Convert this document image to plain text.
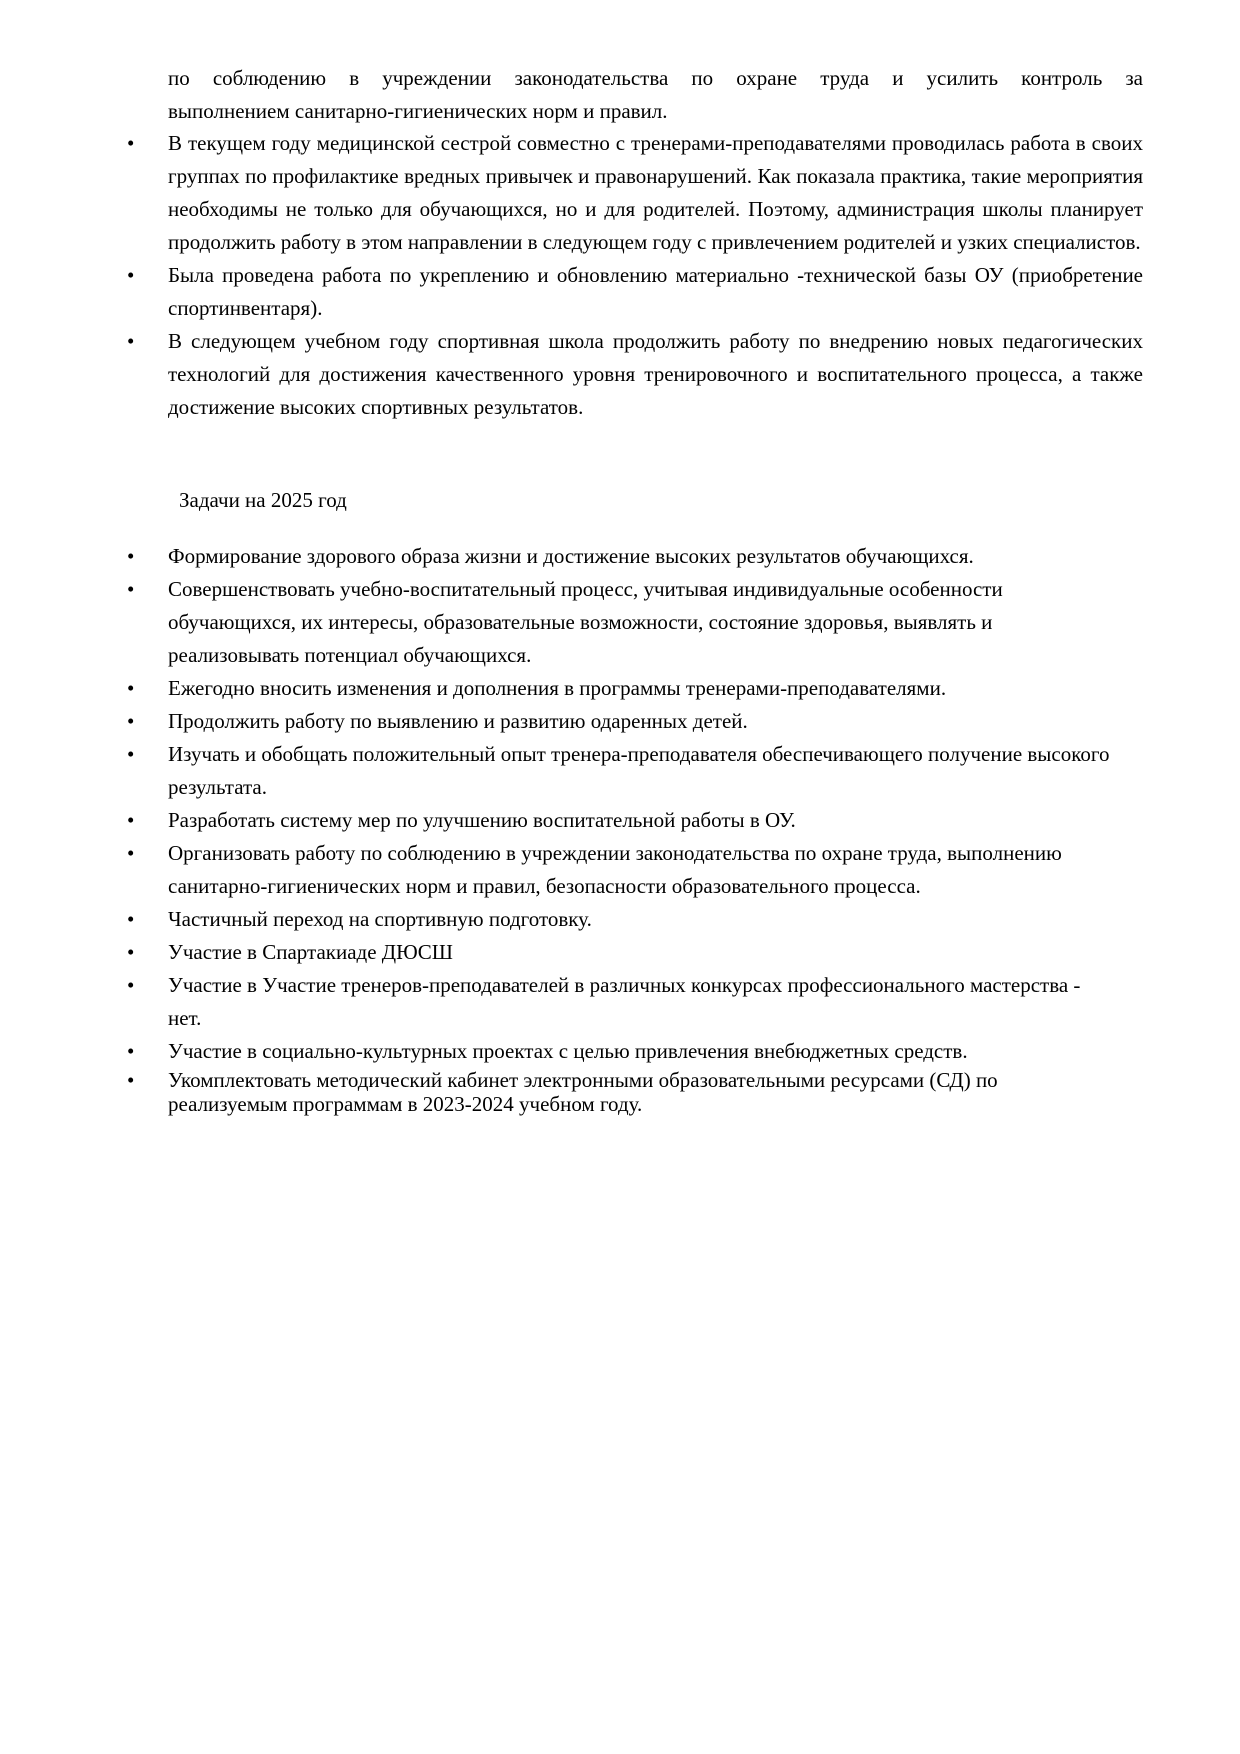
по соблюдению в учреждении законодательства по охране труда и усилить контроль за
выполнением санитарно-гигиенических норм и правил.
• В текущем году медицинской сестрой совместно с тренерами-преподавателями проводилась работа в своих группах по профилактике вредных привычек и правонарушений. Как показала практика, такие мероприятия необходимы не только для обучающихся, но и для родителей. Поэтому, администрация школы планирует продолжить работу в этом направлении в следующем году с привлечением родителей и узких специалистов.
• Была проведена работа по укреплению и обновлению материально -технической базы ОУ (приобретение спортинвентаря).
• В следующем учебном году спортивная школа продолжить работу по внедрению новых педагогических технологий для достижения качественного уровня тренировочного и воспитательного процесса, а также достижение высоких спортивных результатов.
Задачи на 2025 год
• Формирование здорового образа жизни и достижение высоких результатов обучающихся.
• Совершенствовать учебно-воспитательный процесс, учитывая индивидуальные особенности обучающихся, их интересы, образовательные возможности, состояние здоровья, выявлять и реализовывать потенциал обучающихся.
• Ежегодно вносить изменения и дополнения в программы тренерами-преподавателями.
• Продолжить работу по выявлению и развитию одаренных детей.
• Изучать и обобщать положительный опыт тренера-преподавателя обеспечивающего получение высокого результата.
• Разработать систему мер по улучшению воспитательной работы в ОУ.
• Организовать работу по соблюдению в учреждении законодательства по охране труда, выполнению санитарно-гигиенических норм и правил, безопасности образовательного процесса.
• Частичный переход на спортивную подготовку.
• Участие в Спартакиаде ДЮСШ
• Участие в Участие тренеров-преподавателей в различных конкурсах профессионального мастерства - нет.
• Участие в социально-культурных проектах с целью привлечения внебюджетных средств.
• Укомплектовать методический кабинет электронными образовательными ресурсами (СД) по реализуемым программам в 2023-2024 учебном году.
